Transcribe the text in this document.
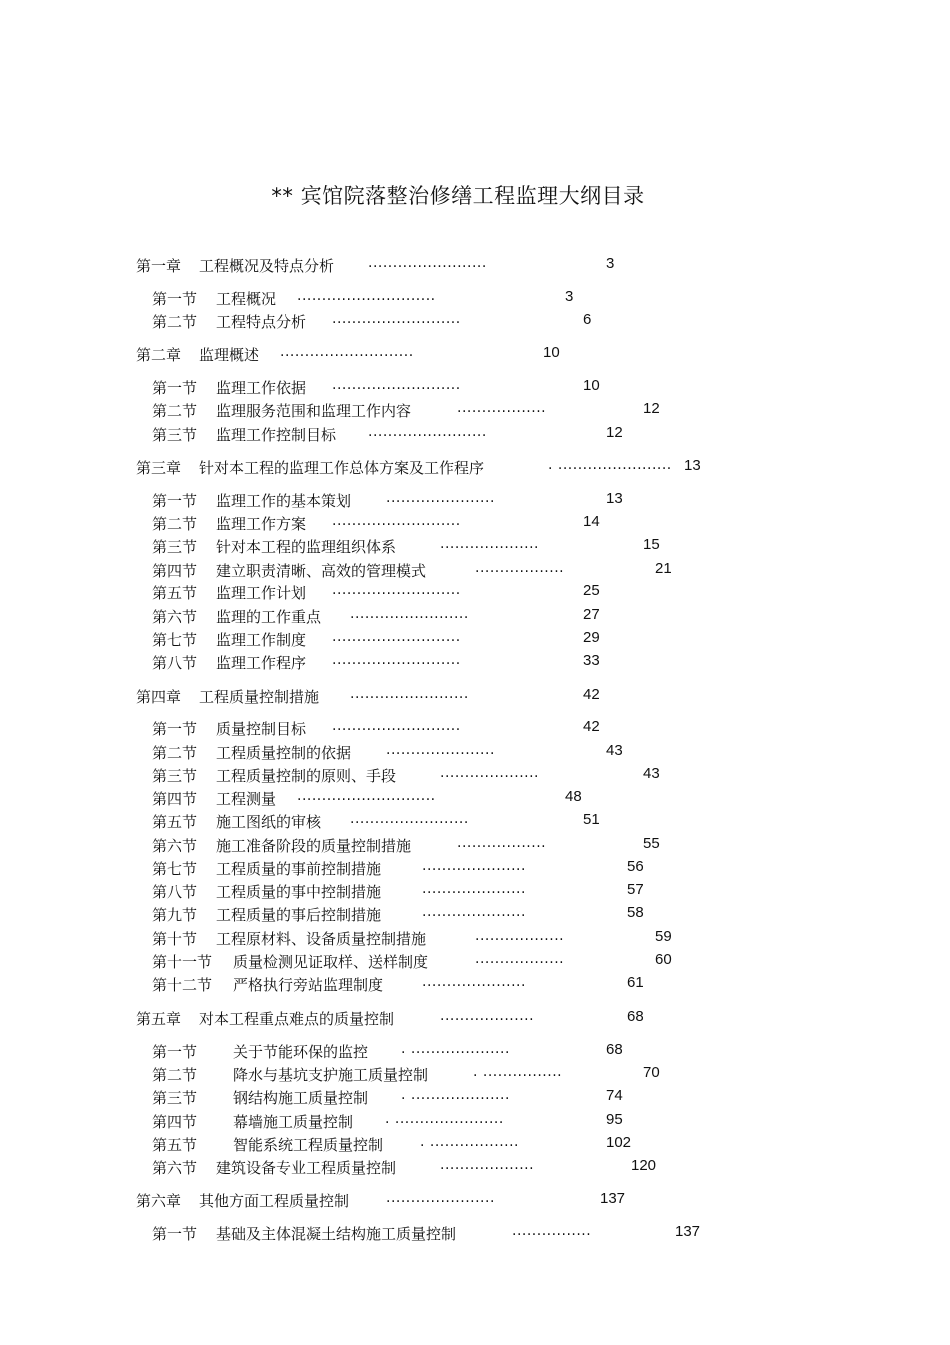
** 宾馆院落整治修缮工程监理大纲目录
第一章 工程概况及特点分析 ........................	3
第一节 工程概况 ............................	3
第二节 工程特点分析 ..........................	6
第二章 监理概述 ...........................	10
第一节 监理工作依据 ..........................	10
第二节 监理服务范围和监理工作内容	..................	12
第三节 监理工作控制目标 ........................	12
第三章 针对本工程的监理工作总体方案及工作程序	. ....................... 13
第一节 监理工作的基本策划 ......................	13
第二节 监理工作方案 ..........................	14
第三节 针对本工程的监理组织体系	....................	15
第四节 建立职责清晰、高效的管理模式	..................	21
第五节 监理工作计划 ..........................	25
第六节 监理的工作重点 ........................	27
第七节 监理工作制度 ..........................	29
第八节 监理工作程序 ..........................	33
第四章 工程质量控制措施 ........................	42
第一节 质量控制目标 ..........................	42
第二节 工程质量控制的依据 ......................	43
第三节 工程质量控制的原则、手段	....................	43
第四节 工程测量 ............................	48
第五节 施工图纸的审核 ........................	51
第六节 施工准备阶段的质量控制措施	..................	55
第七节 工程质量的事前控制措施	.....................	56
第八节 工程质量的事中控制措施	.....................	57
第九节 工程质量的事后控制措施	.....................	58
第十节 工程原材料、设备质量控制措施	..................	59
第十一节 质量检测见证取样、送样制度	..................	60
第十二节 严格执行旁站监理制度	.....................	61
第五章 对本工程重点难点的质量控制	...................	68
第一节 关于节能环保的监控 . ....................	68
第二节 降水与基坑支护施工质量控制	. ................	70
第三节 钢结构施工质量控制 . ....................	74
第四节 幕墙施工质量控制 . ......................	95
第五节 智能系统工程质量控制	. ..................	102
第六节 建筑设备专业工程质量控制	...................	120
第六章 其他方面工程质量控制	......................	137
第一节 基础及主体混凝土结构施工质量控制	................	137
